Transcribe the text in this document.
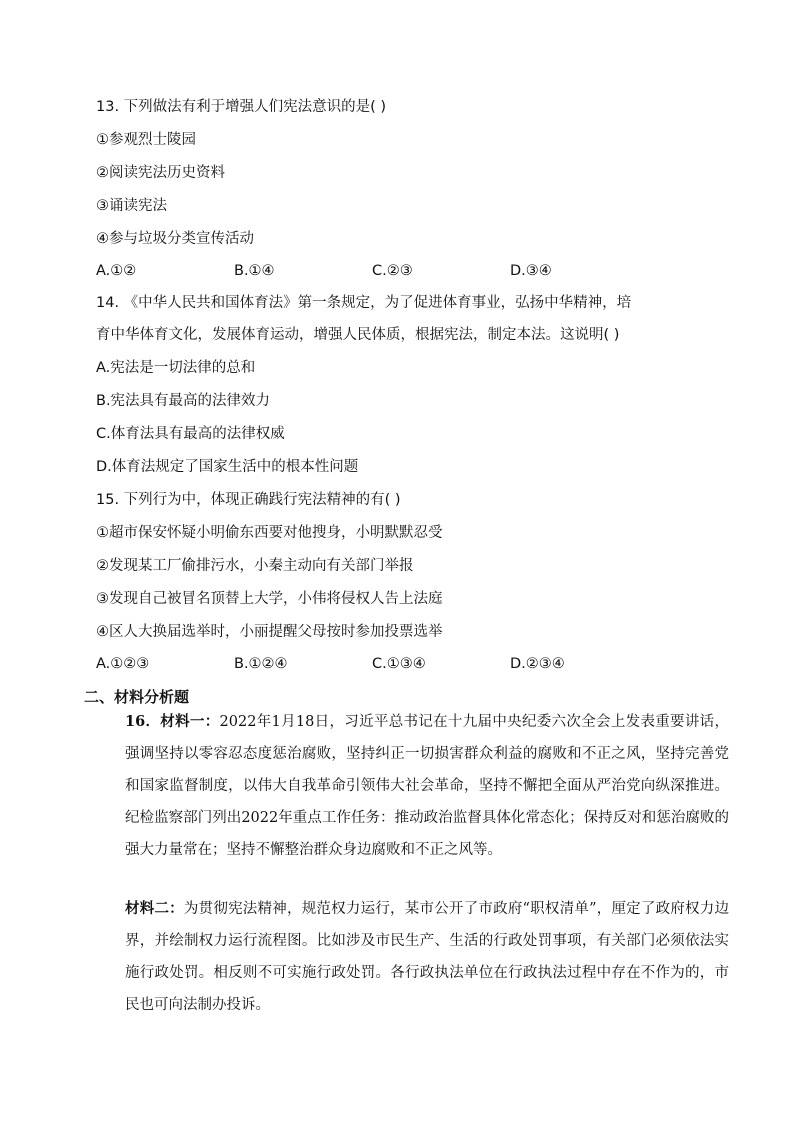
13. 下列做法有利于增强人们宪法意识的是( )
①参观烈士陵园
②阅读宪法历史资料
③诵读宪法
④参与垃圾分类宣传活动
A.①②	B.①④	C.②③	D.③④
14. 《中华人民共和国体育法》第一条规定，为了促进体育事业，弘扬中华精神，培
育中华体育文化，发展体育运动，增强人民体质，根据宪法，制定本法。这说明( )
A.宪法是一切法律的总和
B.宪法具有最高的法律效力
C.体育法具有最高的法律权威
D.体育法规定了国家生活中的根本性问题
15. 下列行为中，体现正确践行宪法精神的有( )
①超市保安怀疑小明偷东西要对他搜身，小明默默忍受
②发现某工厂偷排污水，小秦主动向有关部门举报
③发现自己被冒名顶替上大学，小伟将侵权人告上法庭
④区人大换届选举时，小丽提醒父母按时参加投票选举
A.①②③	B.①②④	C.①③④	D.②③④
二、材料分析题

16．材料一：2022年1月18日，习近平总书记在十九届中央纪委六次全会上发表重要讲话，强调坚持以零容忍态度惩治腐败，坚持纠正一切损害群众利益的腐败和不正之风，坚持完善党和国家监督制度，以伟大自我革命引领伟大社会革命，坚持不懈把全面从严治党向纵深推进。纪检监察部门列出2022年重点工作任务：推动政治监督具体化常态化；保持反对和惩治腐败的强大力量常在；坚持不懈整治群众身边腐败和不正之风等。

材料二：为贯彻宪法精神，规范权力运行，某市公开了市政府“职权清单”，厘定了政府权力边界，并绘制权力运行流程图。比如涉及市民生产、生活的行政处罚事项，有关部门必须依法实施行政处罚。相反则不可实施行政处罚。各行政执法单位在行政执法过程中存在不作为的，市民也可向法制办投诉。
